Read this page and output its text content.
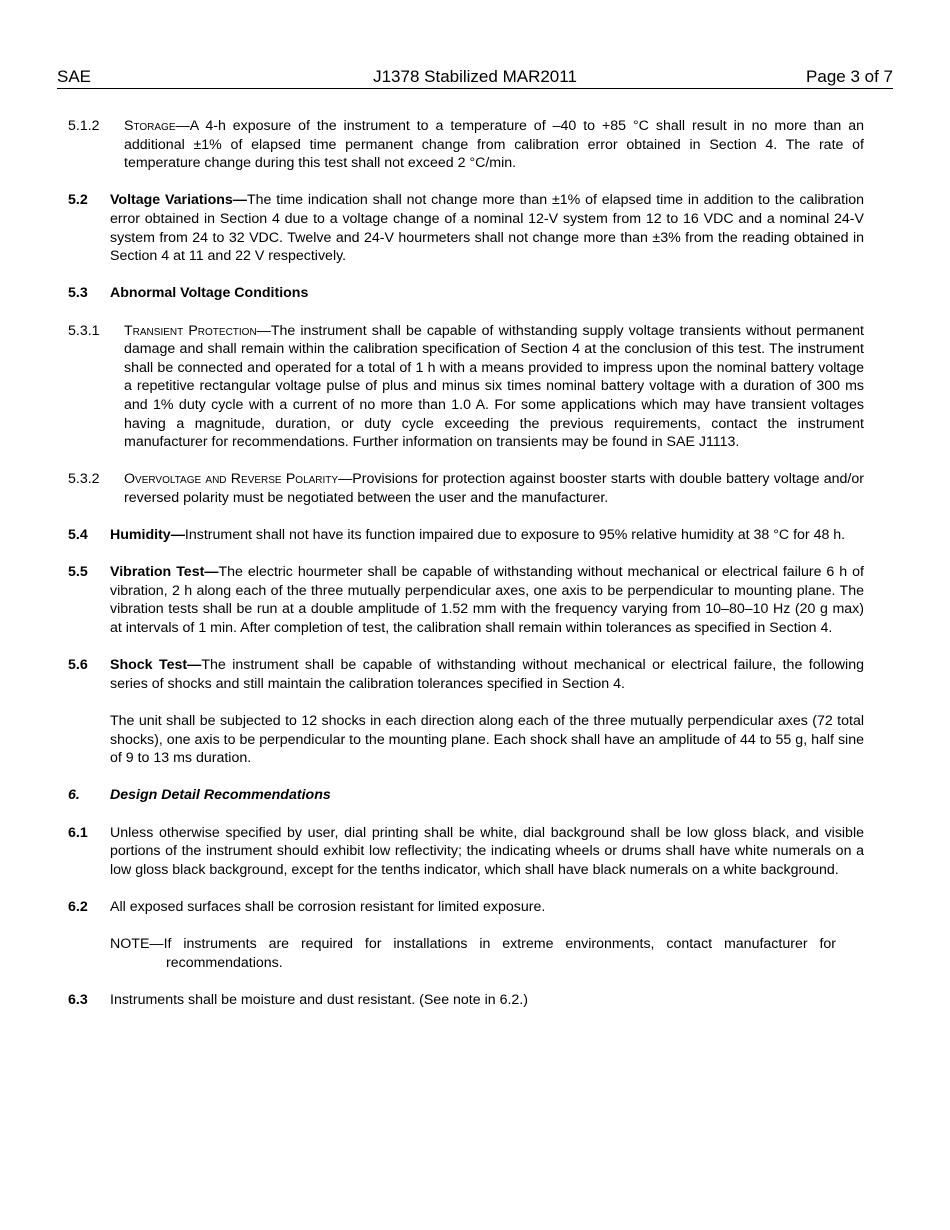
SAE	J1378 Stabilized MAR2011	Page 3 of 7
5.1.2 Storage—A 4-h exposure of the instrument to a temperature of –40 to +85 °C shall result in no more than an additional ±1% of elapsed time permanent change from calibration error obtained in Section 4. The rate of temperature change during this test shall not exceed 2 °C/min.
5.2 Voltage Variations—The time indication shall not change more than ±1% of elapsed time in addition to the calibration error obtained in Section 4 due to a voltage change of a nominal 12-V system from 12 to 16 VDC and a nominal 24-V system from 24 to 32 VDC. Twelve and 24-V hourmeters shall not change more than ±3% from the reading obtained in Section 4 at 11 and 22 V respectively.
5.3 Abnormal Voltage Conditions
5.3.1 Transient Protection—The instrument shall be capable of withstanding supply voltage transients without permanent damage and shall remain within the calibration specification of Section 4 at the conclusion of this test. The instrument shall be connected and operated for a total of 1 h with a means provided to impress upon the nominal battery voltage a repetitive rectangular voltage pulse of plus and minus six times nominal battery voltage with a duration of 300 ms and 1% duty cycle with a current of no more than 1.0 A. For some applications which may have transient voltages having a magnitude, duration, or duty cycle exceeding the previous requirements, contact the instrument manufacturer for recommendations. Further information on transients may be found in SAE J1113.
5.3.2 Overvoltage and Reverse Polarity—Provisions for protection against booster starts with double battery voltage and/or reversed polarity must be negotiated between the user and the manufacturer.
5.4 Humidity—Instrument shall not have its function impaired due to exposure to 95% relative humidity at 38 °C for 48 h.
5.5 Vibration Test—The electric hourmeter shall be capable of withstanding without mechanical or electrical failure 6 h of vibration, 2 h along each of the three mutually perpendicular axes, one axis to be perpendicular to mounting plane. The vibration tests shall be run at a double amplitude of 1.52 mm with the frequency varying from 10–80–10 Hz (20 g max) at intervals of 1 min. After completion of test, the calibration shall remain within tolerances as specified in Section 4.
5.6 Shock Test—The instrument shall be capable of withstanding without mechanical or electrical failure, the following series of shocks and still maintain the calibration tolerances specified in Section 4.
The unit shall be subjected to 12 shocks in each direction along each of the three mutually perpendicular axes (72 total shocks), one axis to be perpendicular to the mounting plane. Each shock shall have an amplitude of 44 to 55 g, half sine of 9 to 13 ms duration.
6. Design Detail Recommendations
6.1 Unless otherwise specified by user, dial printing shall be white, dial background shall be low gloss black, and visible portions of the instrument should exhibit low reflectivity; the indicating wheels or drums shall have white numerals on a low gloss black background, except for the tenths indicator, which shall have black numerals on a white background.
6.2 All exposed surfaces shall be corrosion resistant for limited exposure.
NOTE—If instruments are required for installations in extreme environments, contact manufacturer for recommendations.
6.3 Instruments shall be moisture and dust resistant. (See note in 6.2.)
